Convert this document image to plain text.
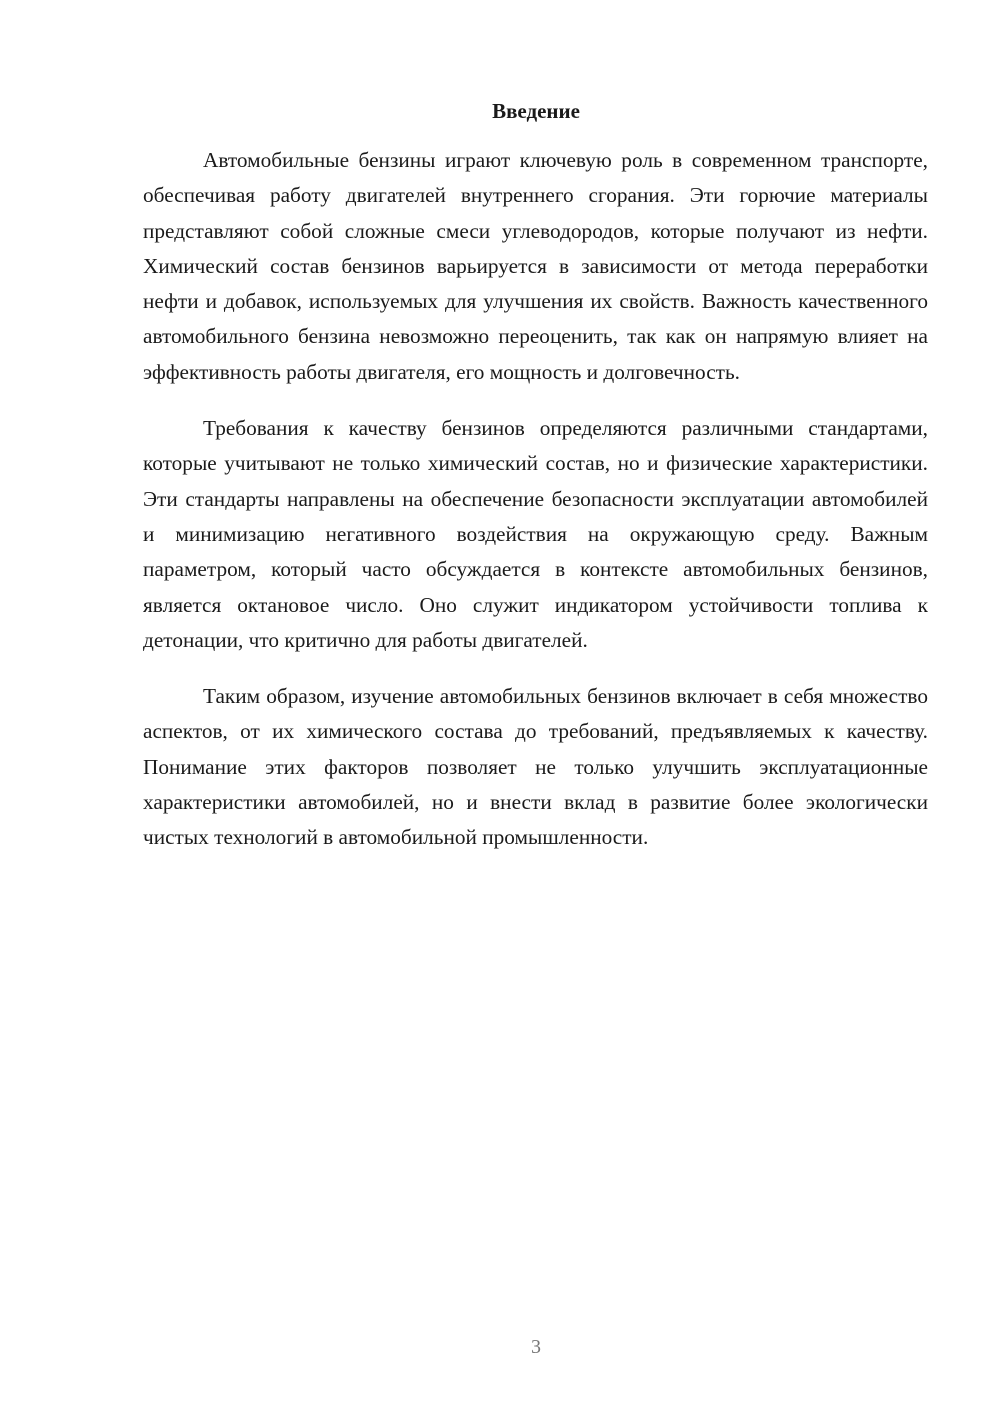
Введение

Автомобильные бензины играют ключевую роль в современном транспорте, обеспечивая работу двигателей внутреннего сгорания. Эти горючие материалы представляют собой сложные смеси углеводородов, которые получают из нефти. Химический состав бензинов варьируется в зависимости от метода переработки нефти и добавок, используемых для улучшения их свойств. Важность качественного автомобильного бензина невозможно переоценить, так как он напрямую влияет на эффективность работы двигателя, его мощность и долговечность.

Требования к качеству бензинов определяются различными стандартами, которые учитывают не только химический состав, но и физические характеристики. Эти стандарты направлены на обеспечение безопасности эксплуатации автомобилей и минимизацию негативного воздействия на окружающую среду. Важным параметром, который часто обсуждается в контексте автомобильных бензинов, является октановое число. Оно служит индикатором устойчивости топлива к детонации, что критично для работы двигателей.

Таким образом, изучение автомобильных бензинов включает в себя множество аспектов, от их химического состава до требований, предъявляемых к качеству. Понимание этих факторов позволяет не только улучшить эксплуатационные характеристики автомобилей, но и внести вклад в развитие более экологически чистых технологий в автомобильной промышленности.

3
